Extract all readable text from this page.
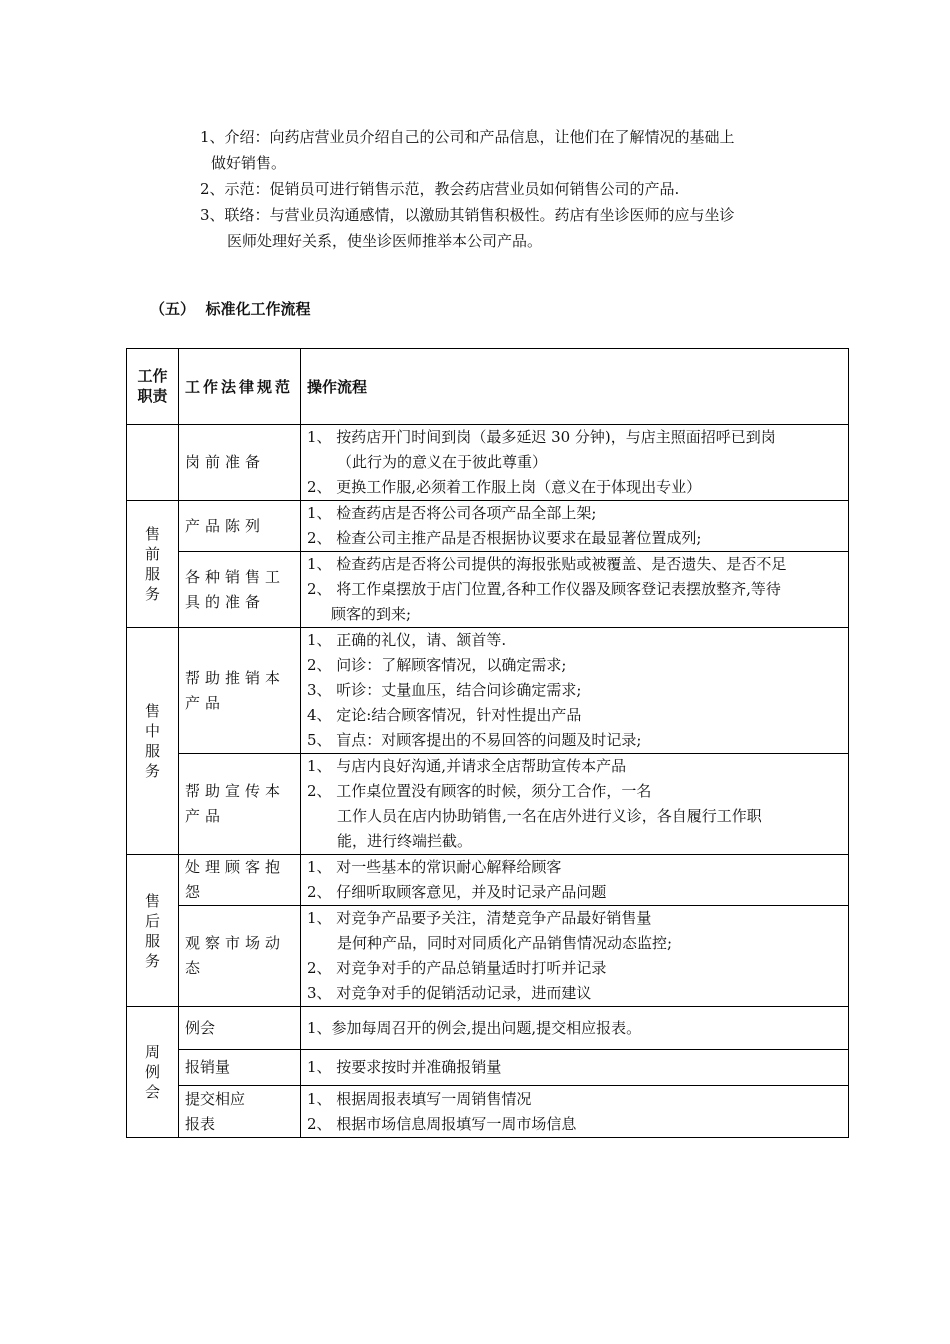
1、介绍：向药店营业员介绍自己的公司和产品信息，让他们在了解情况的基础上

做好销售。

2、示范：促销员可进行销售示范，教会药店营业员如何销售公司的产品.

3、联络：与营业员沟通感情，以激励其销售积极性。药店有坐诊医师的应与坐诊

医师处理好关系，使坐诊医师推举本公司产品。

（五）  标准化工作流程
工作职责	工作法律规范	操作流程
	岗前准备	1、 按药店开门时间到岗（最多延迟 30 分钟)，与店主照面招呼已到岗
（此行为的意义在于彼此尊重）
2、 更换工作服,必须着工作服上岗（意义在于体现出专业）

售前服务	产品陈列	1、 检查药店是否将公司各项产品全部上架;
2、 检查公司主推产品是否根据协议要求在最显著位置成列;

	各种销售工具的准备	1、 检查药店是否将公司提供的海报张贴或被覆盖、是否遗失、是否不足
2、 将工作桌摆放于店门位置,各种工作仪器及顾客登记表摆放整齐,等待
顾客的到来;

售中服务	帮助推销本产品	1、 正确的礼仪，请、颔首等.
2、 问诊：了解顾客情况，以确定需求;
3、 听诊：丈量血压，结合问诊确定需求;
4、 定论:结合顾客情况，针对性提出产品
5、 盲点：对顾客提出的不易回答的问题及时记录;

	帮助宣传本产品	1、 与店内良好沟通,并请求全店帮助宣传本产品
2、 工作桌位置没有顾客的时候，须分工合作，一名
工作人员在店内协助销售,一名在店外进行义诊，各自履行工作职
能，进行终端拦截。

售后服务	处理顾客抱怨	1、 对一些基本的常识耐心解释给顾客
2、 仔细听取顾客意见，并及时记录产品问题

	观察市场动态	1、 对竞争产品要予关注，清楚竞争产品最好销售量
是何种产品，同时对同质化产品销售情况动态监控;
2、 对竞争对手的产品总销量适时打听并记录
3、 对竞争对手的促销活动记录，进而建议

周例会	例会	1、参加每周召开的例会,提出问题,提交相应报表。

	报销量	1、 按要求按时并准确报销量

	提交相应报表	1、 根据周报表填写一周销售情况
2、 根据市场信息周报填写一周市场信息
